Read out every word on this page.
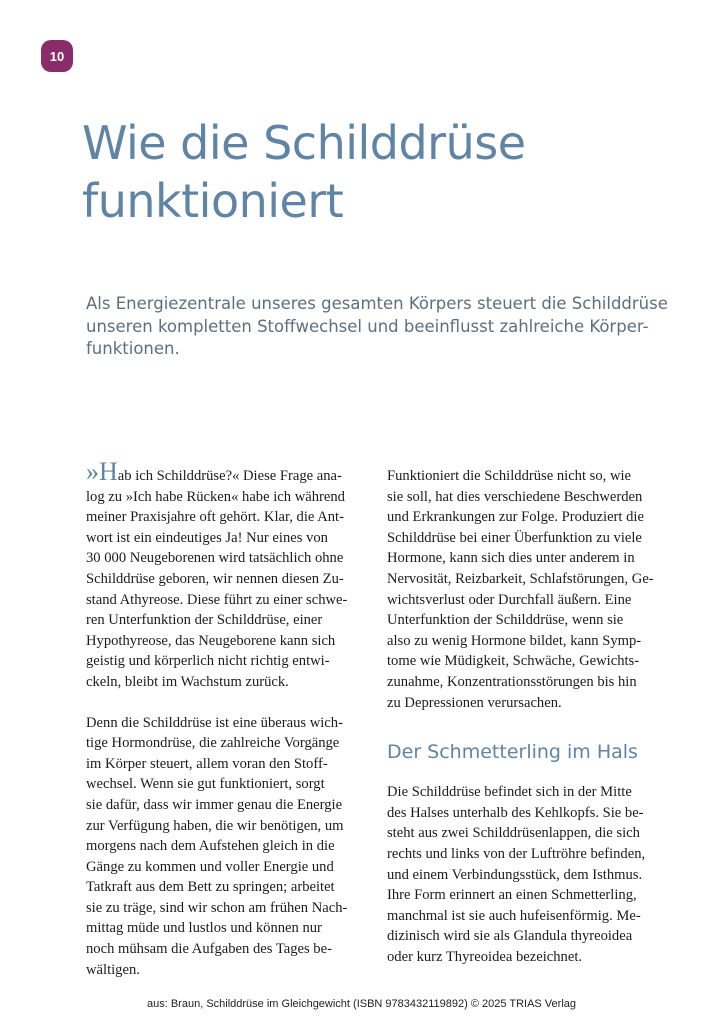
10
Wie die Schilddrüse
funktioniert
Als Energiezentrale unseres gesamten Körpers steuert die Schilddrüse
unseren kompletten Stoffwechsel und beeinflusst zahlreiche Körper-
funktionen.

»Hab ich Schilddrüse?« Diese Frage ana-
log zu »Ich habe Rücken« habe ich während
meiner Praxisjahre oft gehört. Klar, die Ant-
wort ist ein eindeutiges Ja! Nur eines von
30 000 Neugeborenen wird tatsächlich ohne
Schilddrüse geboren, wir nennen diesen Zu-
stand Athyreose. Diese führt zu einer schwe-
ren Unterfunktion der Schilddrüse, einer
Hypothyreose, das Neugeborene kann sich
geistig und körperlich nicht richtig entwi-
ckeln, bleibt im Wachstum zurück.

Denn die Schilddrüse ist eine überaus wich-
tige Hormondrüse, die zahlreiche Vorgänge
im Körper steuert, allem voran den Stoff-
wechsel. Wenn sie gut funktioniert, sorgt
sie dafür, dass wir immer genau die Energie
zur Verfügung haben, die wir benötigen, um
morgens nach dem Aufstehen gleich in die
Gänge zu kommen und voller Energie und
Tatkraft aus dem Bett zu springen; arbeitet
sie zu träge, sind wir schon am frühen Nach-
mittag müde und lustlos und können nur
noch mühsam die Aufgaben des Tages be-
wältigen.

Funktioniert die Schilddrüse nicht so, wie
sie soll, hat dies verschiedene Beschwerden
und Erkrankungen zur Folge. Produziert die
Schilddrüse bei einer Überfunktion zu viele
Hormone, kann sich dies unter anderem in
Nervosität, Reizbarkeit, Schlafstörungen, Ge-
wichtsverlust oder Durchfall äußern. Eine
Unterfunktion der Schilddrüse, wenn sie
also zu wenig Hormone bildet, kann Symp-
tome wie Müdigkeit, Schwäche, Gewichts-
zunahme, Konzentrationsstörungen bis hin
zu Depressionen verursachen.

Der Schmetterling im Hals

Die Schilddrüse befindet sich in der Mitte
des Halses unterhalb des Kehlkopfs. Sie be-
steht aus zwei Schilddrüsenlappen, die sich
rechts und links von der Luftröhre befinden,
und einem Verbindungsstück, dem Isthmus.
Ihre Form erinnert an einen Schmetterling,
manchmal ist sie auch hufeisenförmig. Me-
dizinisch wird sie als Glandula thyreoidea
oder kurz Thyreoidea bezeichnet.

aus: Braun, Schilddrüse im Gleichgewicht (ISBN 9783432119892) © 2025 TRIAS Verlag
